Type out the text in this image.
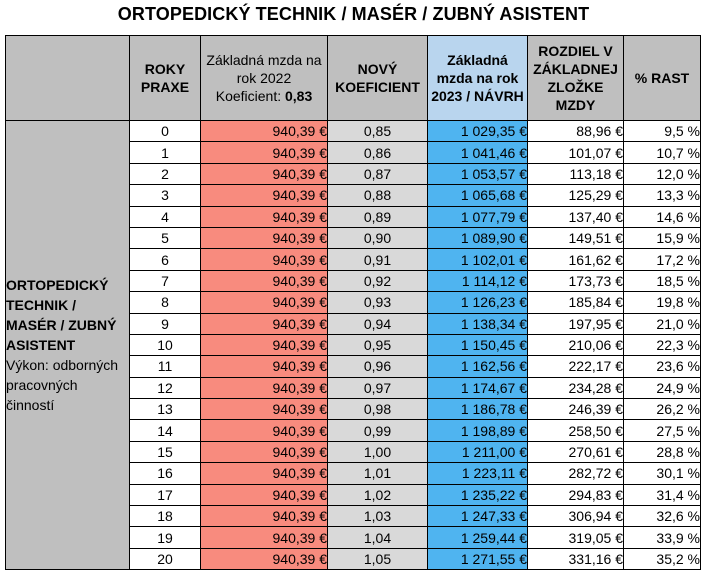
ORTOPEDICKÝ TECHNIK / MASÉR / ZUBNÝ ASISTENT
	ROKY PRAXE	Základná mzda na rok 2022
Koeficient: 0,83	NOVÝ KOEFICIENT	Základná mzda na rok 2023 / NÁVRH	ROZDIEL V ZÁKLADNEJ ZLOŽKE MZDY	% RAST
ORTOPEDICKÝ TECHNIK / MASÉR / ZUBNÝ ASISTENT
Výkon: odborných pracovných činností	0	940,39 €	0,85	1 029,35 €	88,96 €	9,5 %
	1	940,39 €	0,86	1 041,46 €	101,07 €	10,7 %
	2	940,39 €	0,87	1 053,57 €	113,18 €	12,0 %
	3	940,39 €	0,88	1 065,68 €	125,29 €	13,3 %
	4	940,39 €	0,89	1 077,79 €	137,40 €	14,6 %
	5	940,39 €	0,90	1 089,90 €	149,51 €	15,9 %
	6	940,39 €	0,91	1 102,01 €	161,62 €	17,2 %
	7	940,39 €	0,92	1 114,12 €	173,73 €	18,5 %
	8	940,39 €	0,93	1 126,23 €	185,84 €	19,8 %
	9	940,39 €	0,94	1 138,34 €	197,95 €	21,0 %
	10	940,39 €	0,95	1 150,45 €	210,06 €	22,3 %
	11	940,39 €	0,96	1 162,56 €	222,17 €	23,6 %
	12	940,39 €	0,97	1 174,67 €	234,28 €	24,9 %
	13	940,39 €	0,98	1 186,78 €	246,39 €	26,2 %
	14	940,39 €	0,99	1 198,89 €	258,50 €	27,5 %
	15	940,39 €	1,00	1 211,00 €	270,61 €	28,8 %
	16	940,39 €	1,01	1 223,11 €	282,72 €	30,1 %
	17	940,39 €	1,02	1 235,22 €	294,83 €	31,4 %
	18	940,39 €	1,03	1 247,33 €	306,94 €	32,6 %
	19	940,39 €	1,04	1 259,44 €	319,05 €	33,9 %
	20	940,39 €	1,05	1 271,55 €	331,16 €	35,2 %
